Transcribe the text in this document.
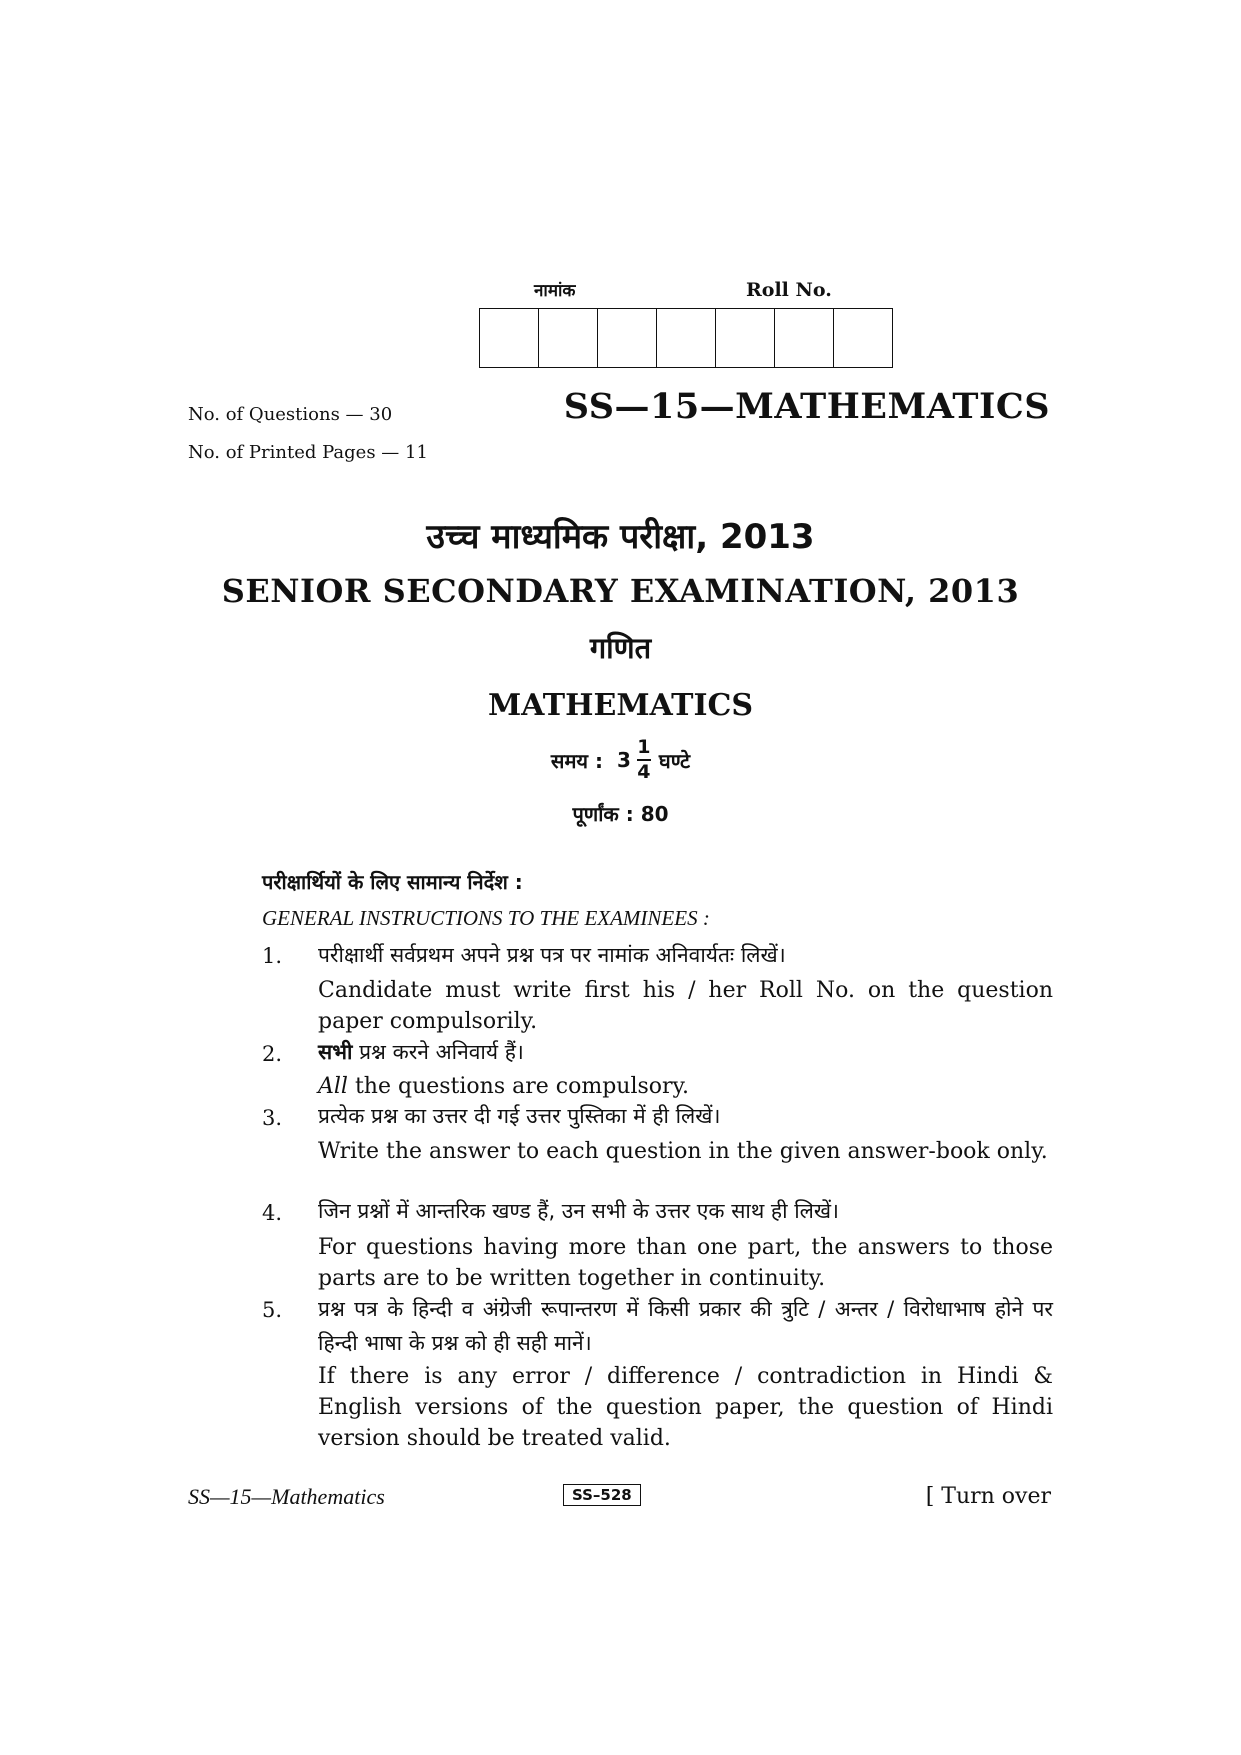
नामांक	Roll No.
No. of Questions — 30
No. of Printed Pages — 11
SS—15—MATHEMATICS
उच्च माध्यमिक परीक्षा, 2013
SENIOR SECONDARY EXAMINATION, 2013
गणित
MATHEMATICS
समय : $3 \frac{1}{4}$ घण्टे
पूर्णांक : 80
परीक्षार्थियों के लिए सामान्य निर्देश :
GENERAL INSTRUCTIONS TO THE EXAMINEES :
1. परीक्षार्थी सर्वप्रथम अपने प्रश्न पत्र पर नामांक अनिवार्यतः लिखें।
Candidate must write first his / her Roll No. on the question paper compulsorily.
2. सभी प्रश्न करने अनिवार्य हैं।
All the questions are compulsory.
3. प्रत्येक प्रश्न का उत्तर दी गई उत्तर पुस्तिका में ही लिखें।
Write the answer to each question in the given answer-book only.
4. जिन प्रश्नों में आन्तरिक खण्ड हैं, उन सभी के उत्तर एक साथ ही लिखें।
For questions having more than one part, the answers to those parts are to be written together in continuity.
5. प्रश्न पत्र के हिन्दी व अंग्रेजी रूपान्तरण में किसी प्रकार की त्रुटि / अन्तर / विरोधाभाष होने पर हिन्दी भाषा के प्रश्न को ही सही मानें।
If there is any error / difference / contradiction in Hindi & English versions of the question paper, the question of Hindi version should be treated valid.
SS—15—Mathematics	SS–528	[ Turn over
